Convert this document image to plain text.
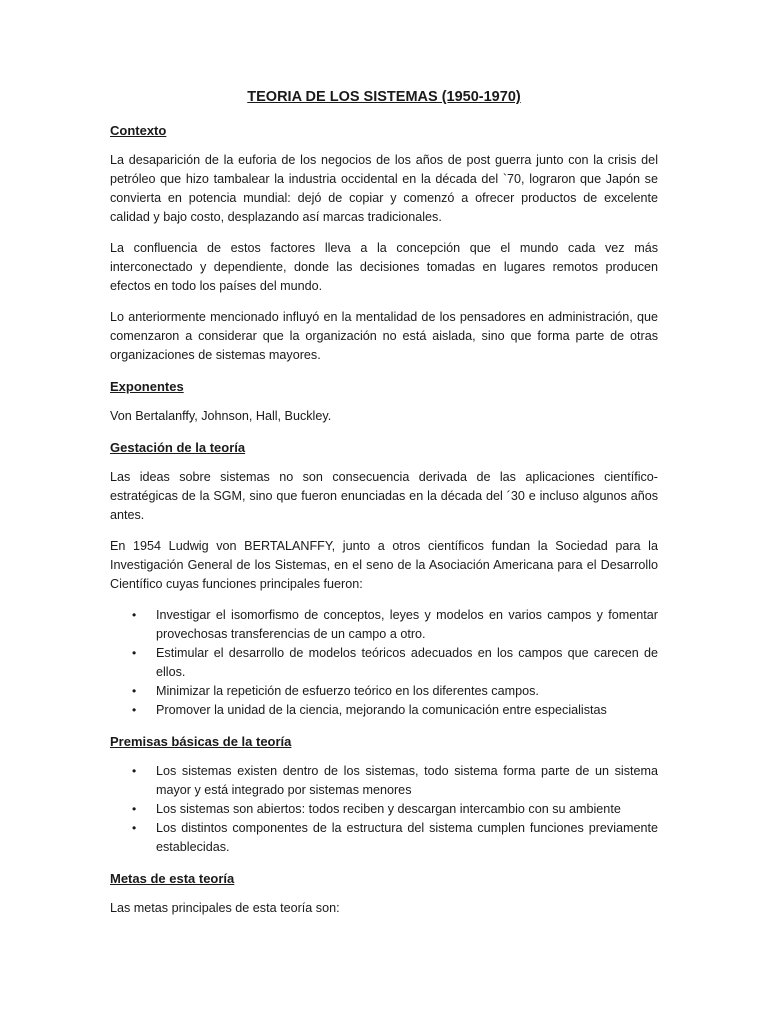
TEORIA DE LOS SISTEMAS (1950-1970)
Contexto

La desaparición de la euforia de los negocios de los años de post guerra junto con la crisis del petróleo que hizo tambalear la industria occidental en la década del `70, lograron que Japón se convierta en potencia mundial: dejó de copiar y comenzó a ofrecer productos de excelente calidad y bajo costo, desplazando así marcas tradicionales.

La confluencia de estos factores lleva a la concepción que el mundo cada vez más interconectado y dependiente, donde las decisiones tomadas en lugares remotos producen efectos en todo los países del mundo.

Lo anteriormente mencionado influyó en la mentalidad de los pensadores en administración, que comenzaron a considerar que la organización no está aislada, sino que forma parte de otras organizaciones de sistemas mayores.

Exponentes

Von Bertalanffy, Johnson, Hall, Buckley.

Gestación de la teoría

Las ideas sobre sistemas no son consecuencia derivada de las aplicaciones científico-estratégicas de la SGM, sino que fueron enunciadas en la década del ´30 e incluso algunos años antes.

En 1954 Ludwig von BERTALANFFY, junto a otros científicos fundan la Sociedad para la Investigación General de los Sistemas, en el seno de la Asociación Americana para el Desarrollo Científico cuyas funciones principales fueron:

• Investigar el isomorfismo de conceptos, leyes y modelos en varios campos y fomentar provechosas transferencias de un campo a otro.
• Estimular el desarrollo de modelos teóricos adecuados en los campos que carecen de ellos.
• Minimizar la repetición de esfuerzo teórico en los diferentes campos.
• Promover la unidad de la ciencia, mejorando la comunicación entre especialistas
Premisas básicas de la teoría
• Los sistemas existen dentro de los sistemas, todo sistema forma parte de un sistema mayor y está integrado por sistemas menores
• Los sistemas son abiertos: todos reciben y descargan intercambio con su ambiente
• Los distintos componentes de la estructura del sistema cumplen funciones previamente establecidas.
Metas de esta teoría

Las metas principales de esta teoría son:
